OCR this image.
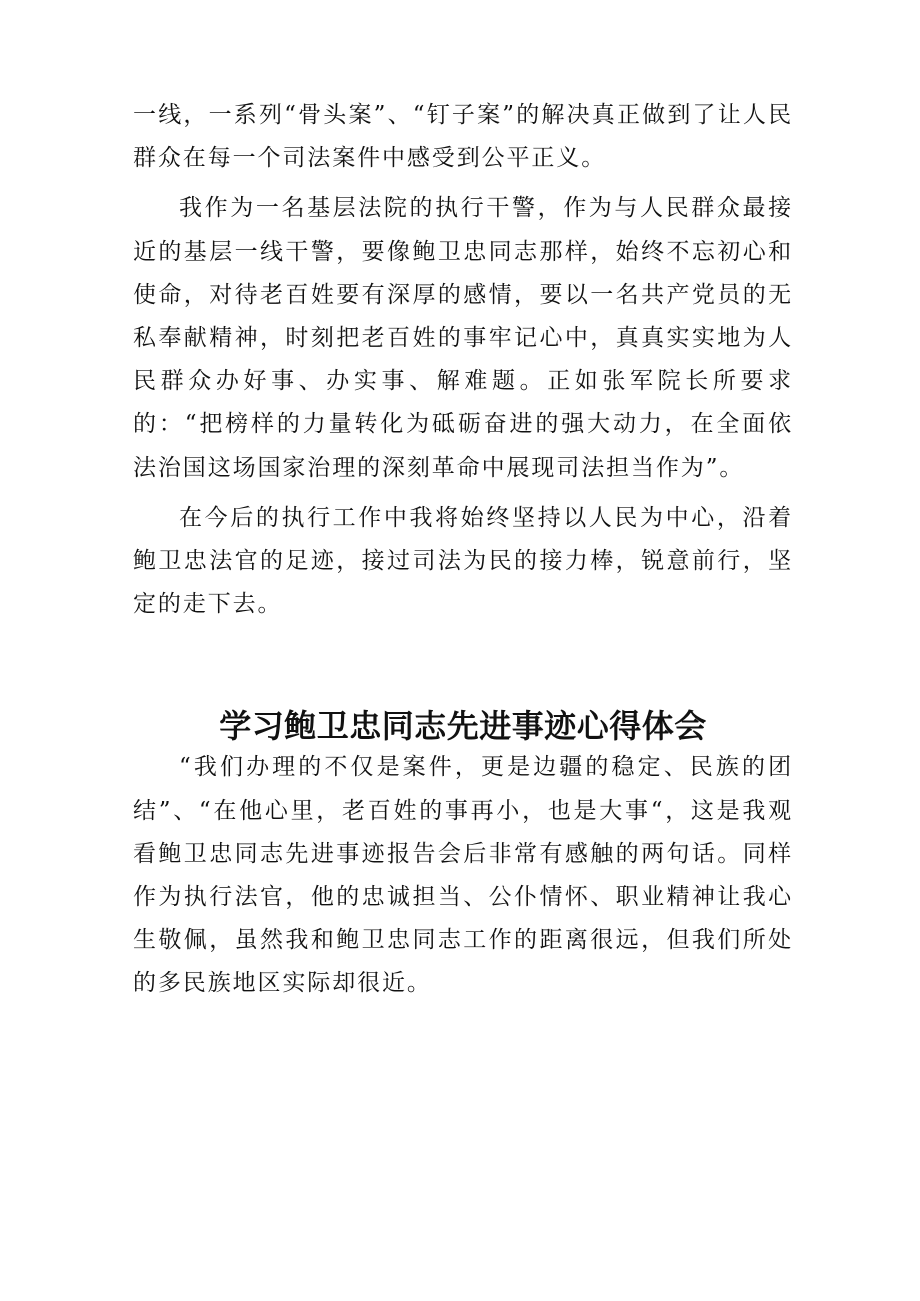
一线，一系列“骨头案”、“钉子案”的解决真正做到了让人民群众在每一个司法案件中感受到公平正义。

我作为一名基层法院的执行干警，作为与人民群众最接近的基层一线干警，要像鲍卫忠同志那样，始终不忘初心和使命，对待老百姓要有深厚的感情，要以一名共产党员的无私奉献精神，时刻把老百姓的事牢记心中，真真实实地为人民群众办好事、办实事、解难题。正如张军院长所要求的：“把榜样的力量转化为砥砺奋进的强大动力，在全面依法治国这场国家治理的深刻革命中展现司法担当作为”。

在今后的执行工作中我将始终坚持以人民为中心，沿着鲍卫忠法官的足迹，接过司法为民的接力棒，锐意前行，坚定的走下去。

学习鲍卫忠同志先进事迹心得体会

“我们办理的不仅是案件，更是边疆的稳定、民族的团结”、“在他心里，老百姓的事再小，也是大事“，这是我观看鲍卫忠同志先进事迹报告会后非常有感触的两句话。同样作为执行法官，他的忠诚担当、公仆情怀、职业精神让我心生敬佩，虽然我和鲍卫忠同志工作的距离很远，但我们所处的多民族地区实际却很近。
